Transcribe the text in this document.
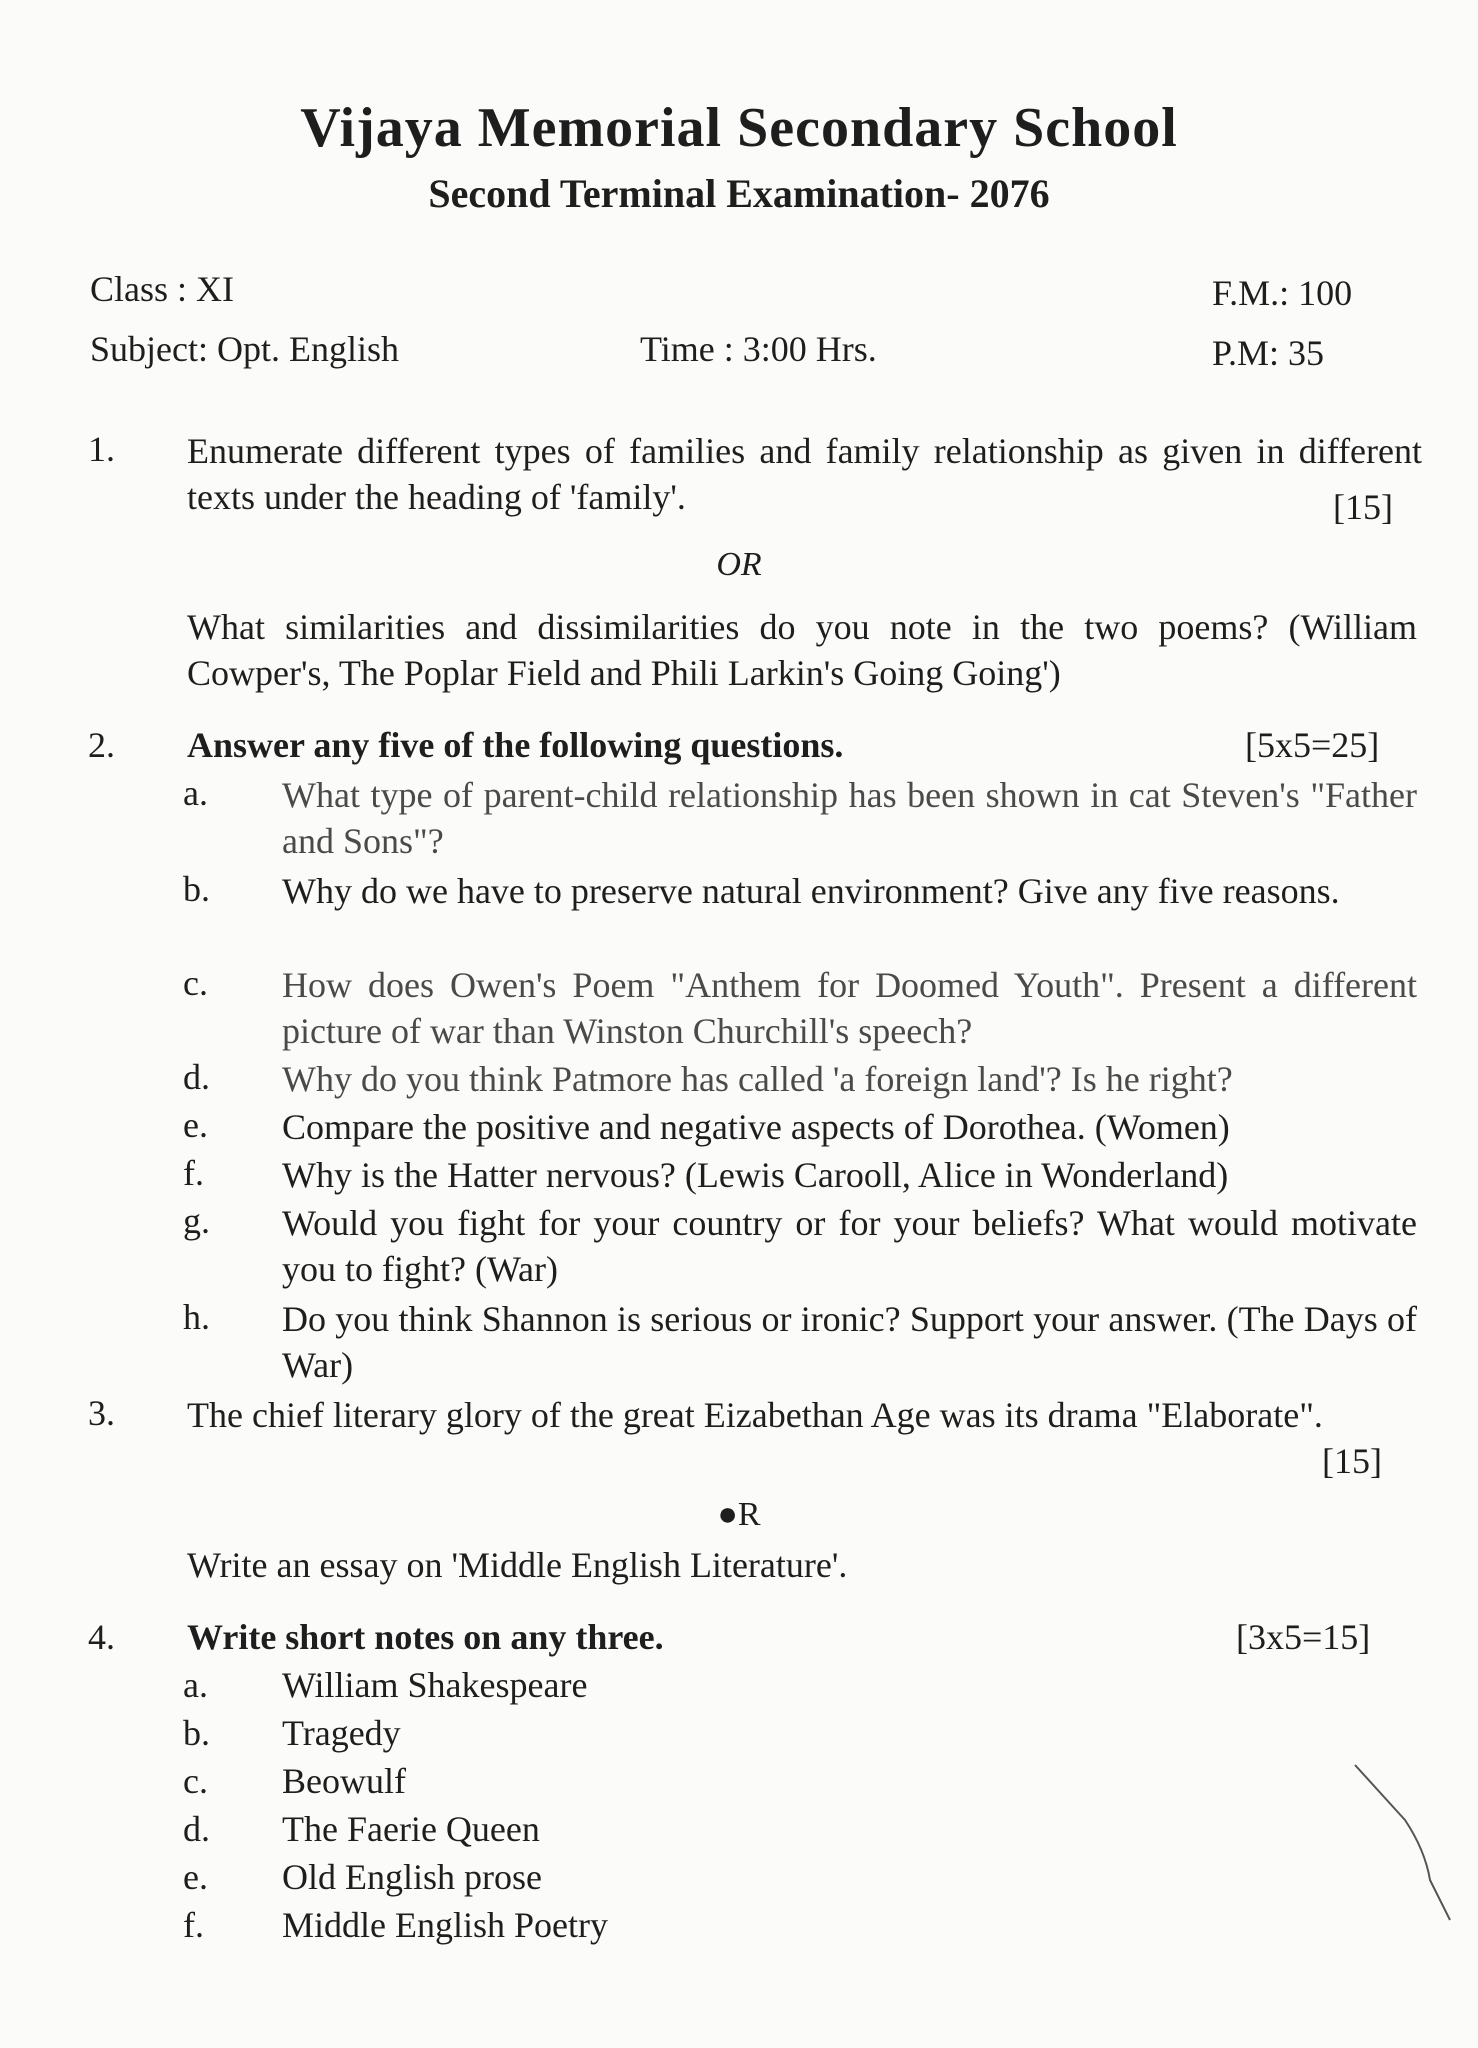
Vijaya Memorial Secondary School
Second Terminal Examination- 2076
Class : XI
Subject: Opt. English	Time : 3:00 Hrs.
F.M.: 100
P.M: 35
1. Enumerate different types of families and family relationship as given in different texts under the heading of 'family'.	[15]
OR
What similarities and dissimilarities do you note in the two poems? (William Cowper's, The Poplar Field and Phili Larkin's Going Going')
2. Answer any five of the following questions.	[5x5=25]
a. What type of parent-child relationship has been shown in cat Steven's "Father and Sons"?
b. Why do we have to preserve natural environment? Give any five reasons.
c. How does Owen's Poem "Anthem for Doomed Youth". Present a different picture of war than Winston Churchill's speech?
d. Why do you think Patmore has called 'a foreign land'? Is he right?
e. Compare the positive and negative aspects of Dorothea. (Women)
f. Why is the Hatter nervous? (Lewis Carooll, Alice in Wonderland)
g. Would you fight for your country or for your beliefs? What would motivate you to fight? (War)
h. Do you think Shannon is serious or ironic? Support your answer. (The Days of War)
3. The chief literary glory of the great Eizabethan Age was its drama "Elaborate".
[15]
●R
Write an essay on 'Middle English Literature'.
4. Write short notes on any three.	[3x5=15]
a. William Shakespeare
b. Tragedy
c. Beowulf
d. The Faerie Queen
e. Old English prose
f. Middle English Poetry
